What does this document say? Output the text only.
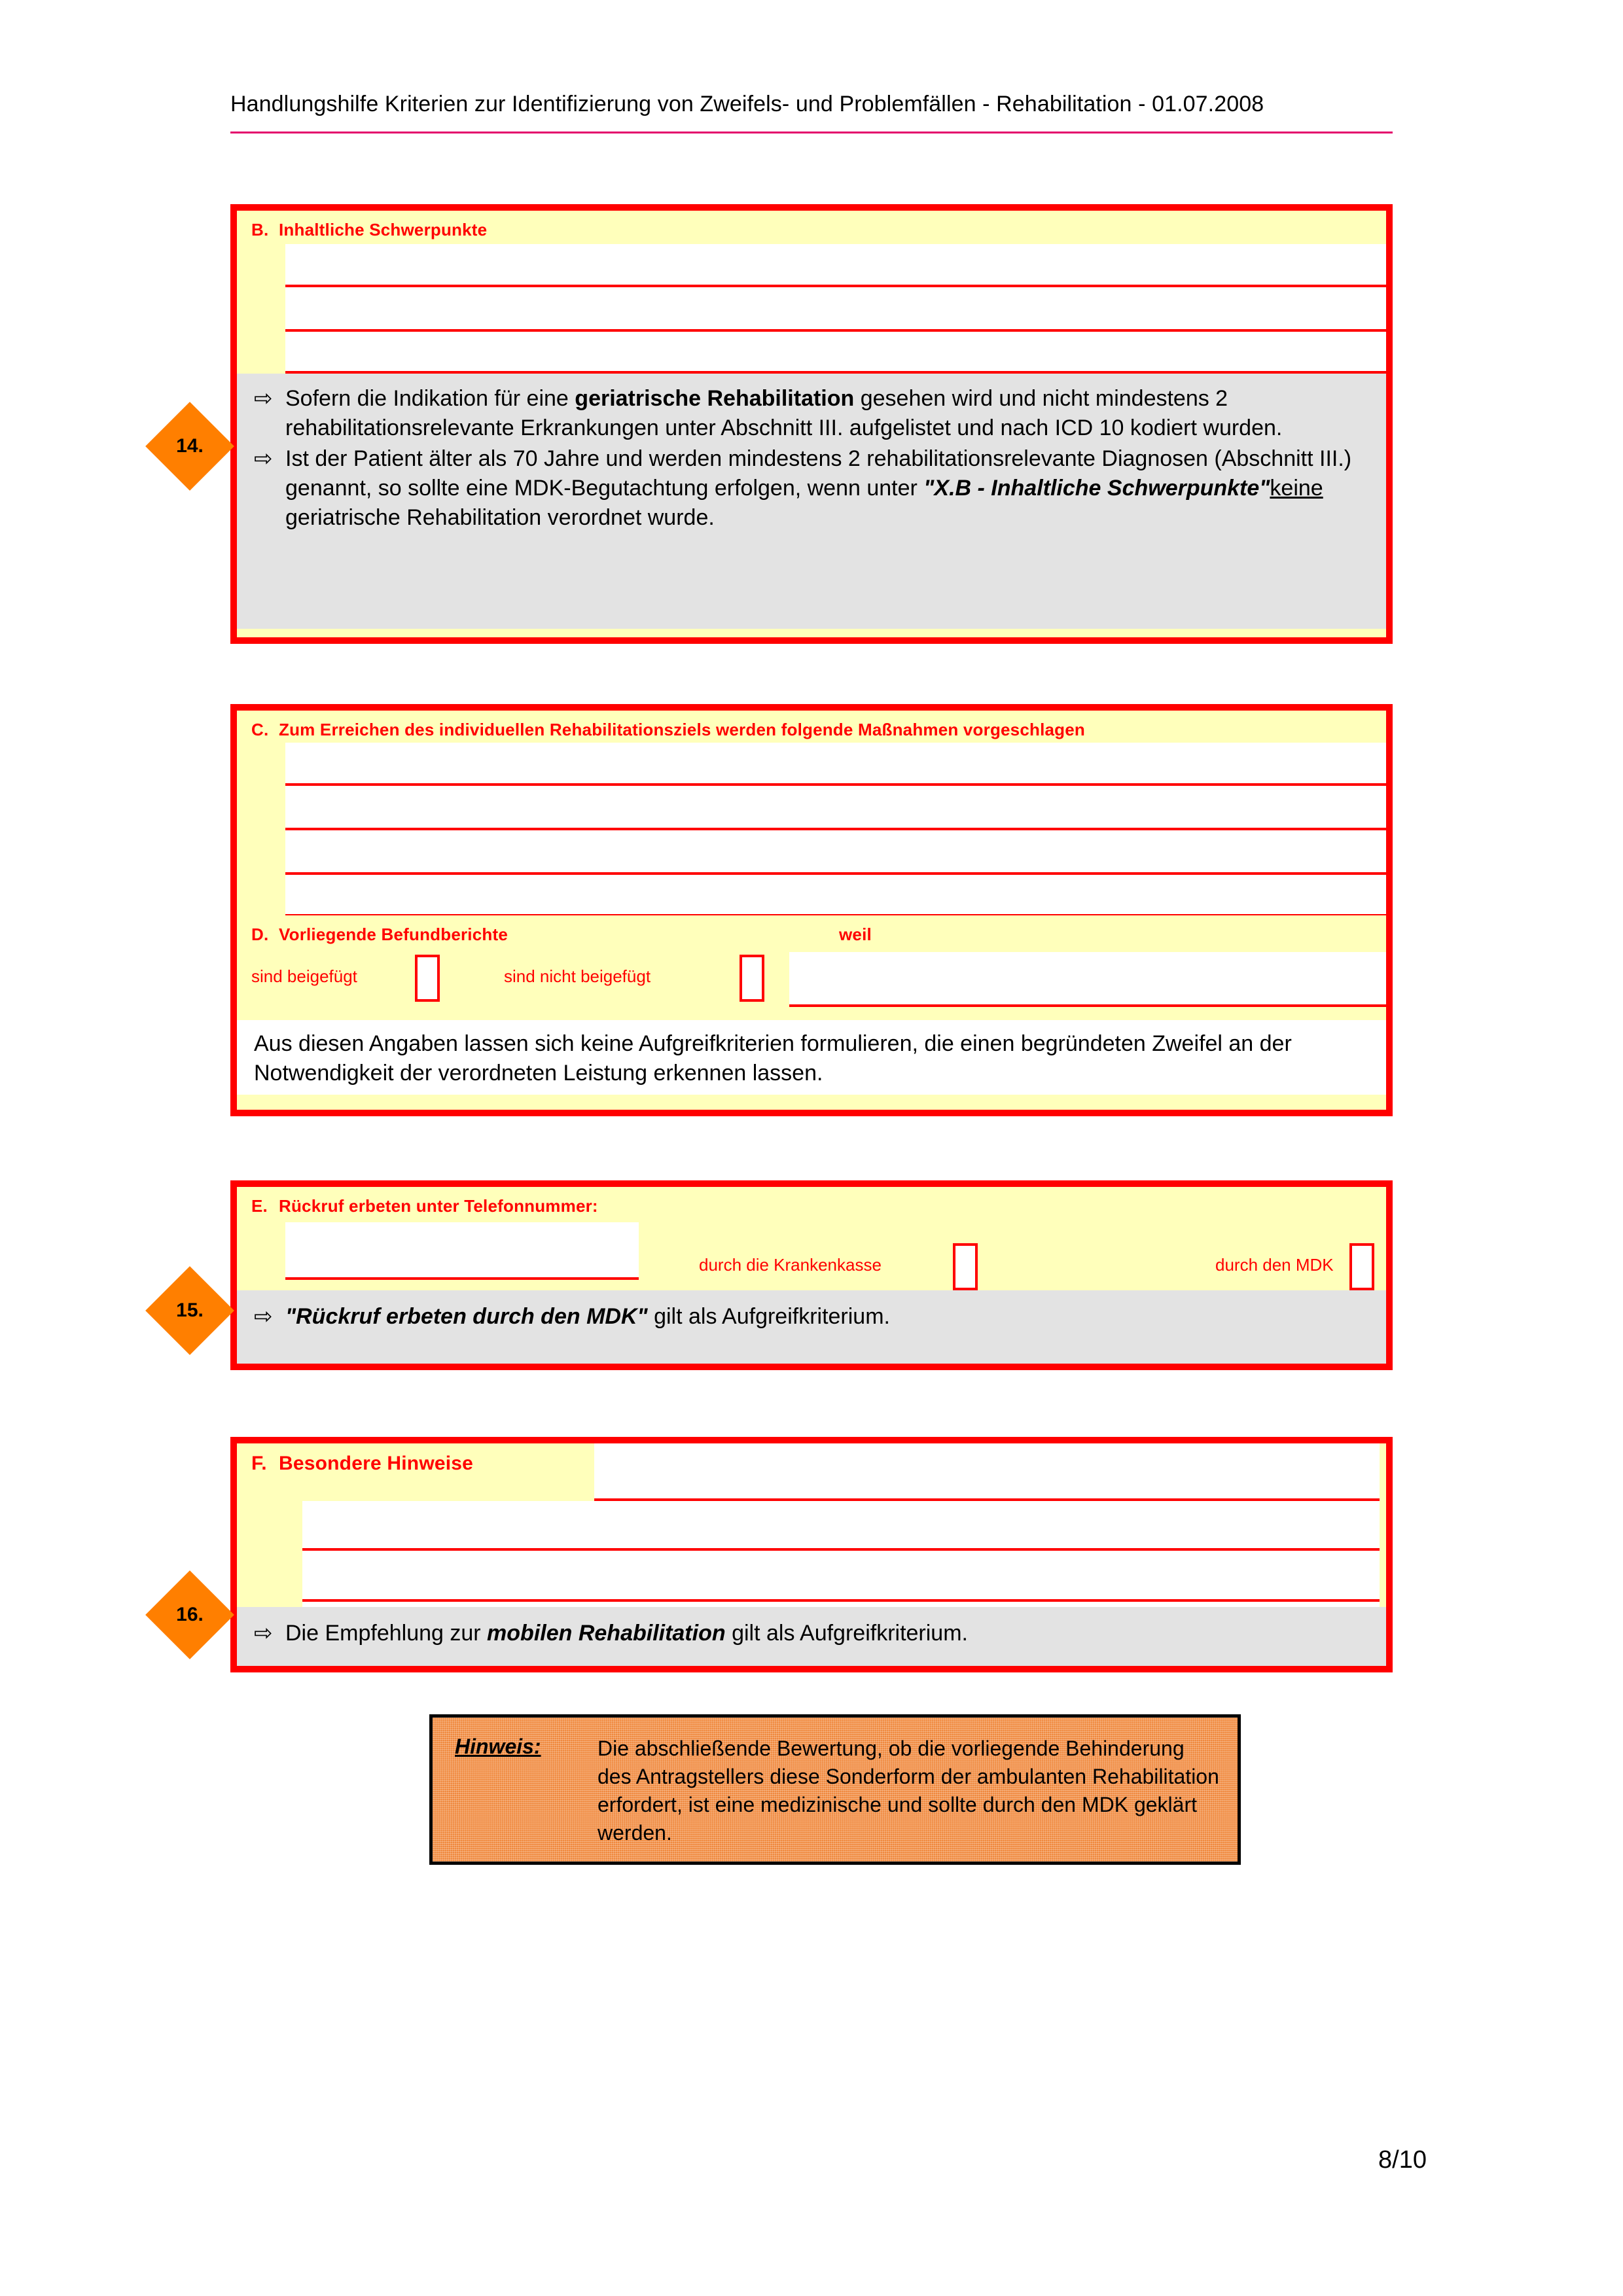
Handlungshilfe Kriterien zur Identifizierung von Zweifels- und Problemfällen - Rehabilitation - 01.07.2008
B. Inhaltliche Schwerpunkte
⇨ Sofern die Indikation für eine geriatrische Rehabilitation gesehen wird und nicht mindestens 2 rehabilitationsrelevante Erkrankungen unter Abschnitt III. aufgelistet und nach ICD 10 kodiert wurden.
⇨ Ist der Patient älter als 70 Jahre und werden mindestens 2 rehabilitationsrelevante Diagnosen (Abschnitt III.) genannt, so sollte eine MDK-Begutachtung erfolgen, wenn unter "X.B - Inhaltliche Schwerpunkte"keine geriatrische Rehabilitation verordnet wurde.
14.
C. Zum Erreichen des individuellen Rehabilitationsziels werden folgende Maßnahmen vorgeschlagen
D. Vorliegende Befundberichte	weil
sind beigefügt	sind nicht beigefügt
Aus diesen Angaben lassen sich keine Aufgreifkriterien formulieren, die einen begründeten Zweifel an der Notwendigkeit der verordneten Leistung erkennen lassen.
E. Rückruf erbeten unter Telefonnummer:
durch die Krankenkasse	durch den MDK
⇨ "Rückruf erbeten durch den MDK" gilt als Aufgreifkriterium.
15.
F. Besondere Hinweise
⇨ Die Empfehlung zur mobilen Rehabilitation gilt als Aufgreifkriterium.
16.
Hinweis:	Die abschließende Bewertung, ob die vorliegende Behinderung des Antragstellers diese Sonderform der ambulanten Rehabilitation erfordert, ist eine medizinische und sollte durch den MDK geklärt werden.
8/10
